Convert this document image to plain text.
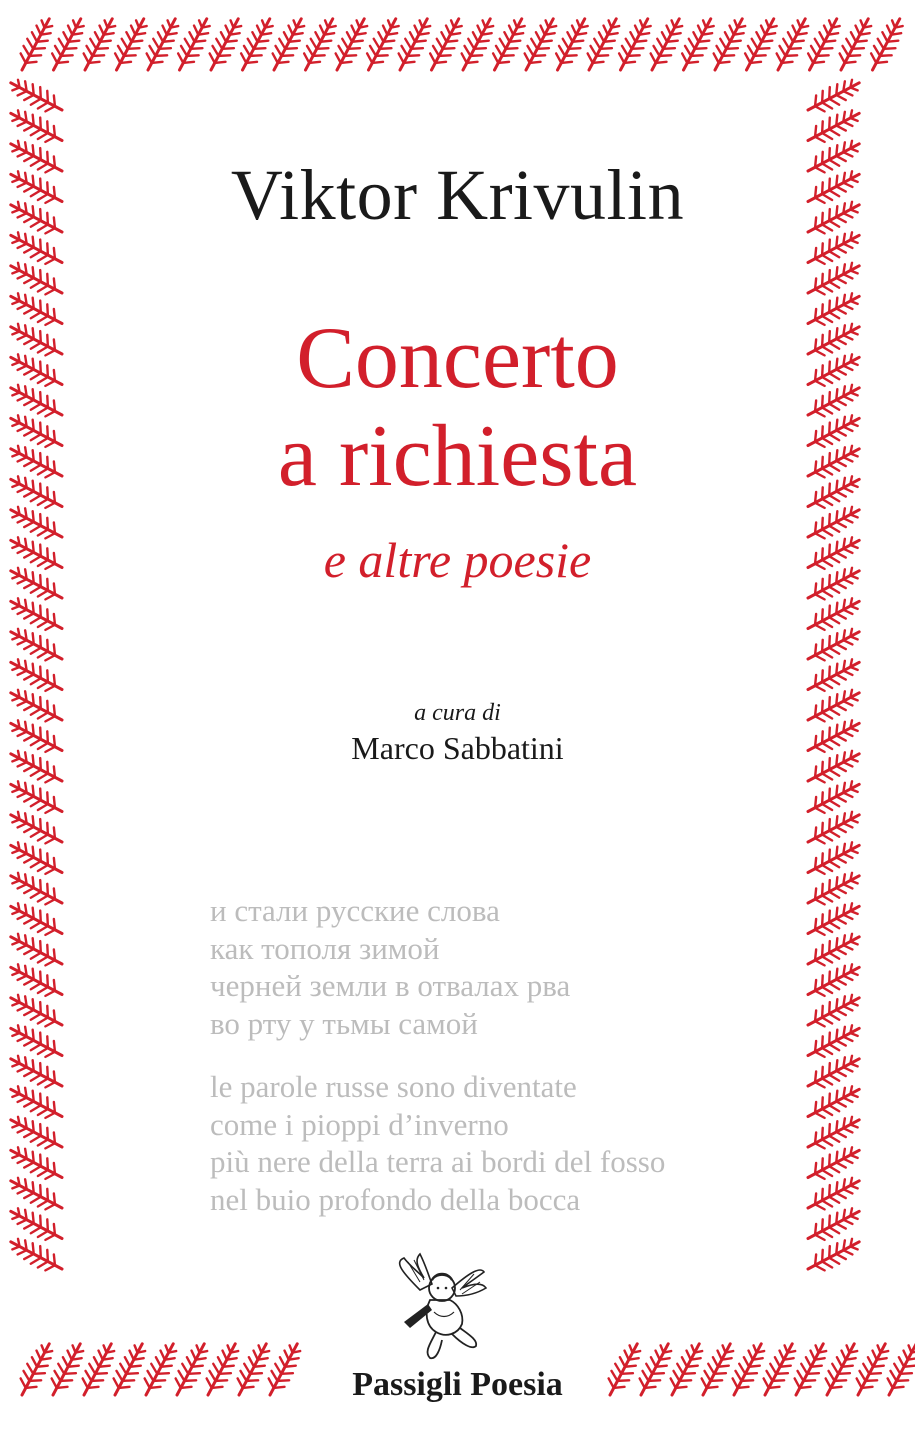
Viktor Krivulin
Concerto
a richiesta
e altre poesie
a cura di
Marco Sabbatini
и стали русские слова
как тополя зимой
черней земли в отвалах рва
во рту у тьмы самой
le parole russe sono diventate
come i pioppi d’inverno
più nere della terra ai bordi del fosso
nel buio profondo della bocca
Passigli Poesia
